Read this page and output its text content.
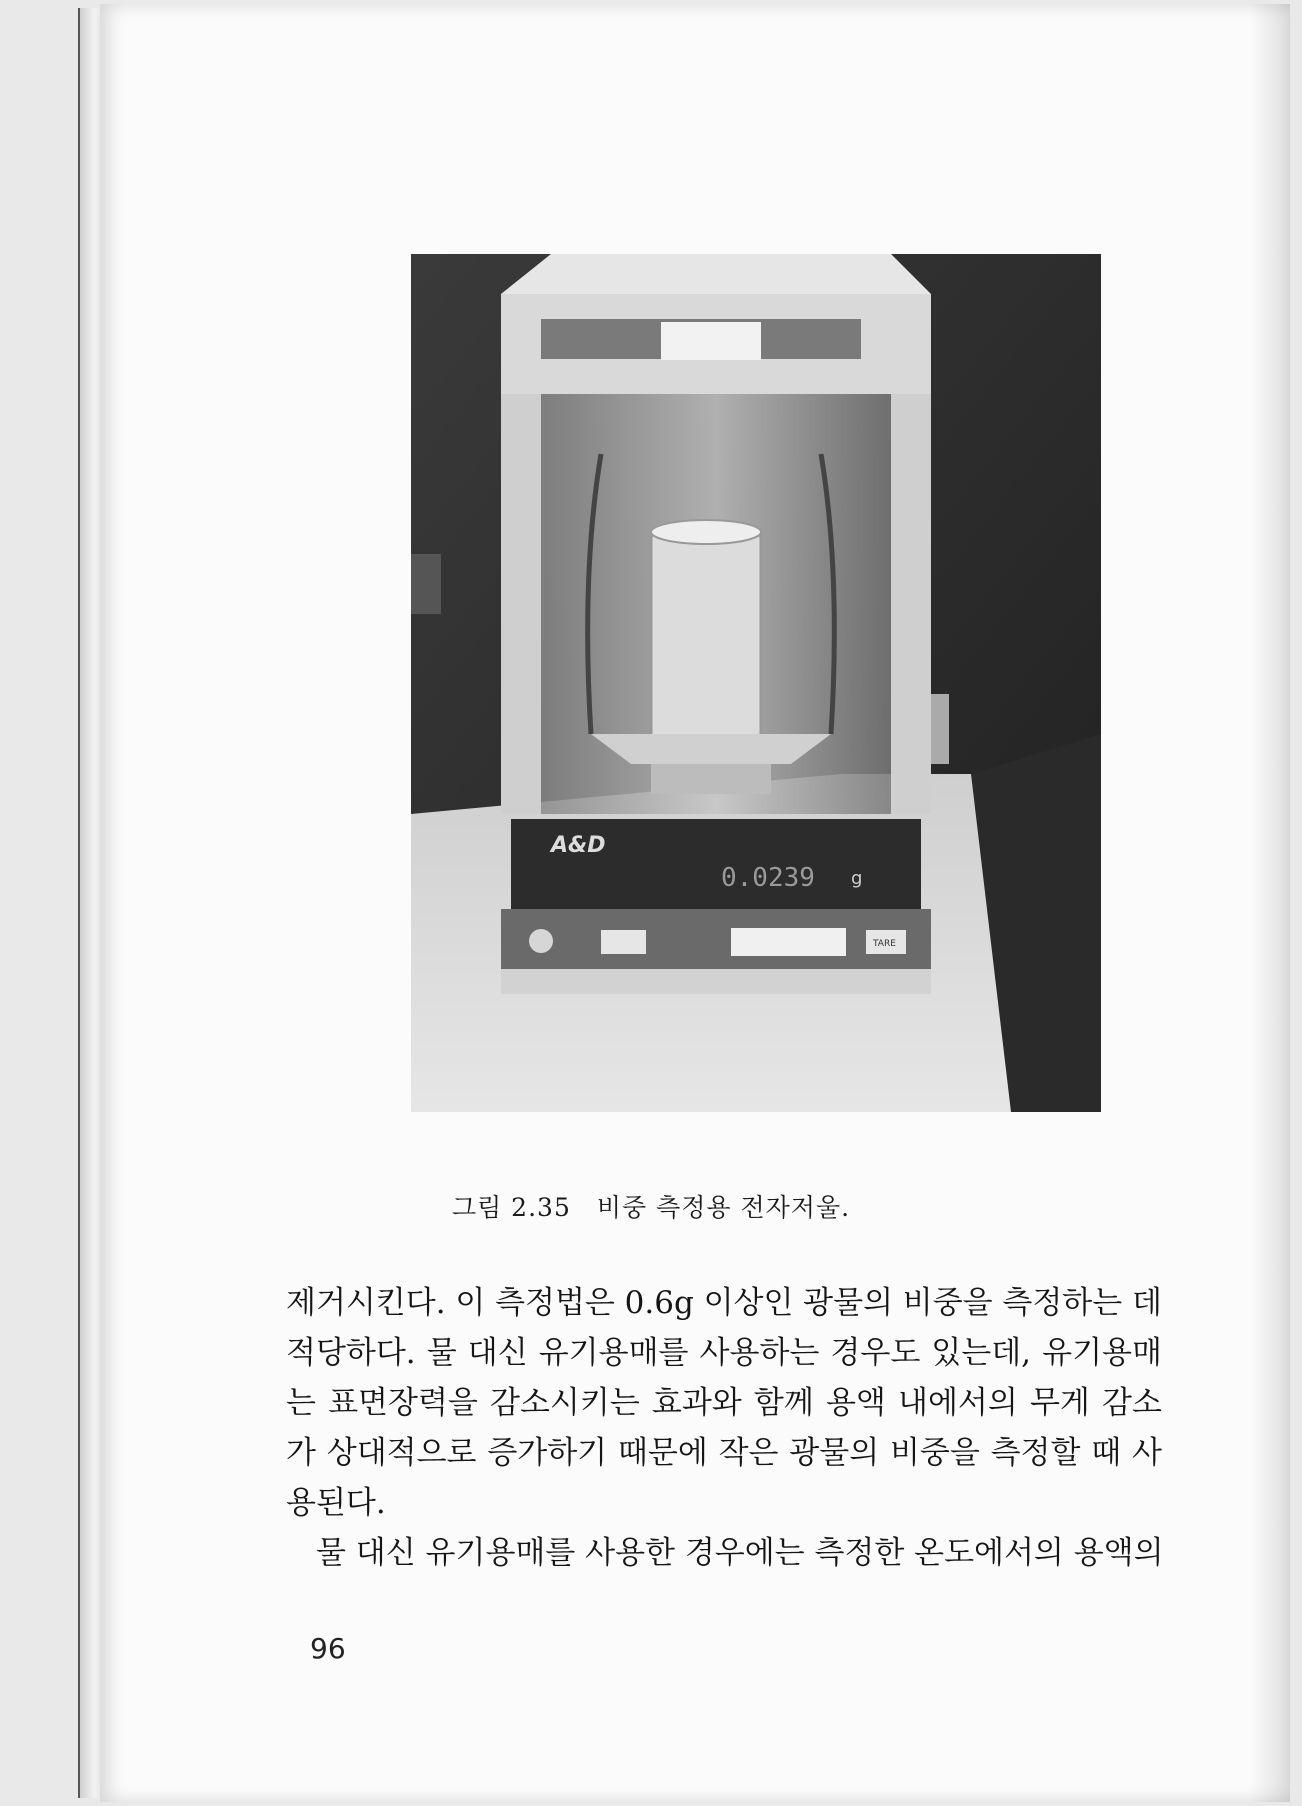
A&D
0.0239 g
TARE
그림 2.35 비중 측정용 전자저울.
제거시킨다. 이 측정법은 0.6g 이상인 광물의 비중을 측정하는 데
적당하다. 물 대신 유기용매를 사용하는 경우도 있는데, 유기용매
는 표면장력을 감소시키는 효과와 함께 용액 내에서의 무게 감소
가 상대적으로 증가하기 때문에 작은 광물의 비중을 측정할 때 사
용된다.
물 대신 유기용매를 사용한 경우에는 측정한 온도에서의 용액의
96
